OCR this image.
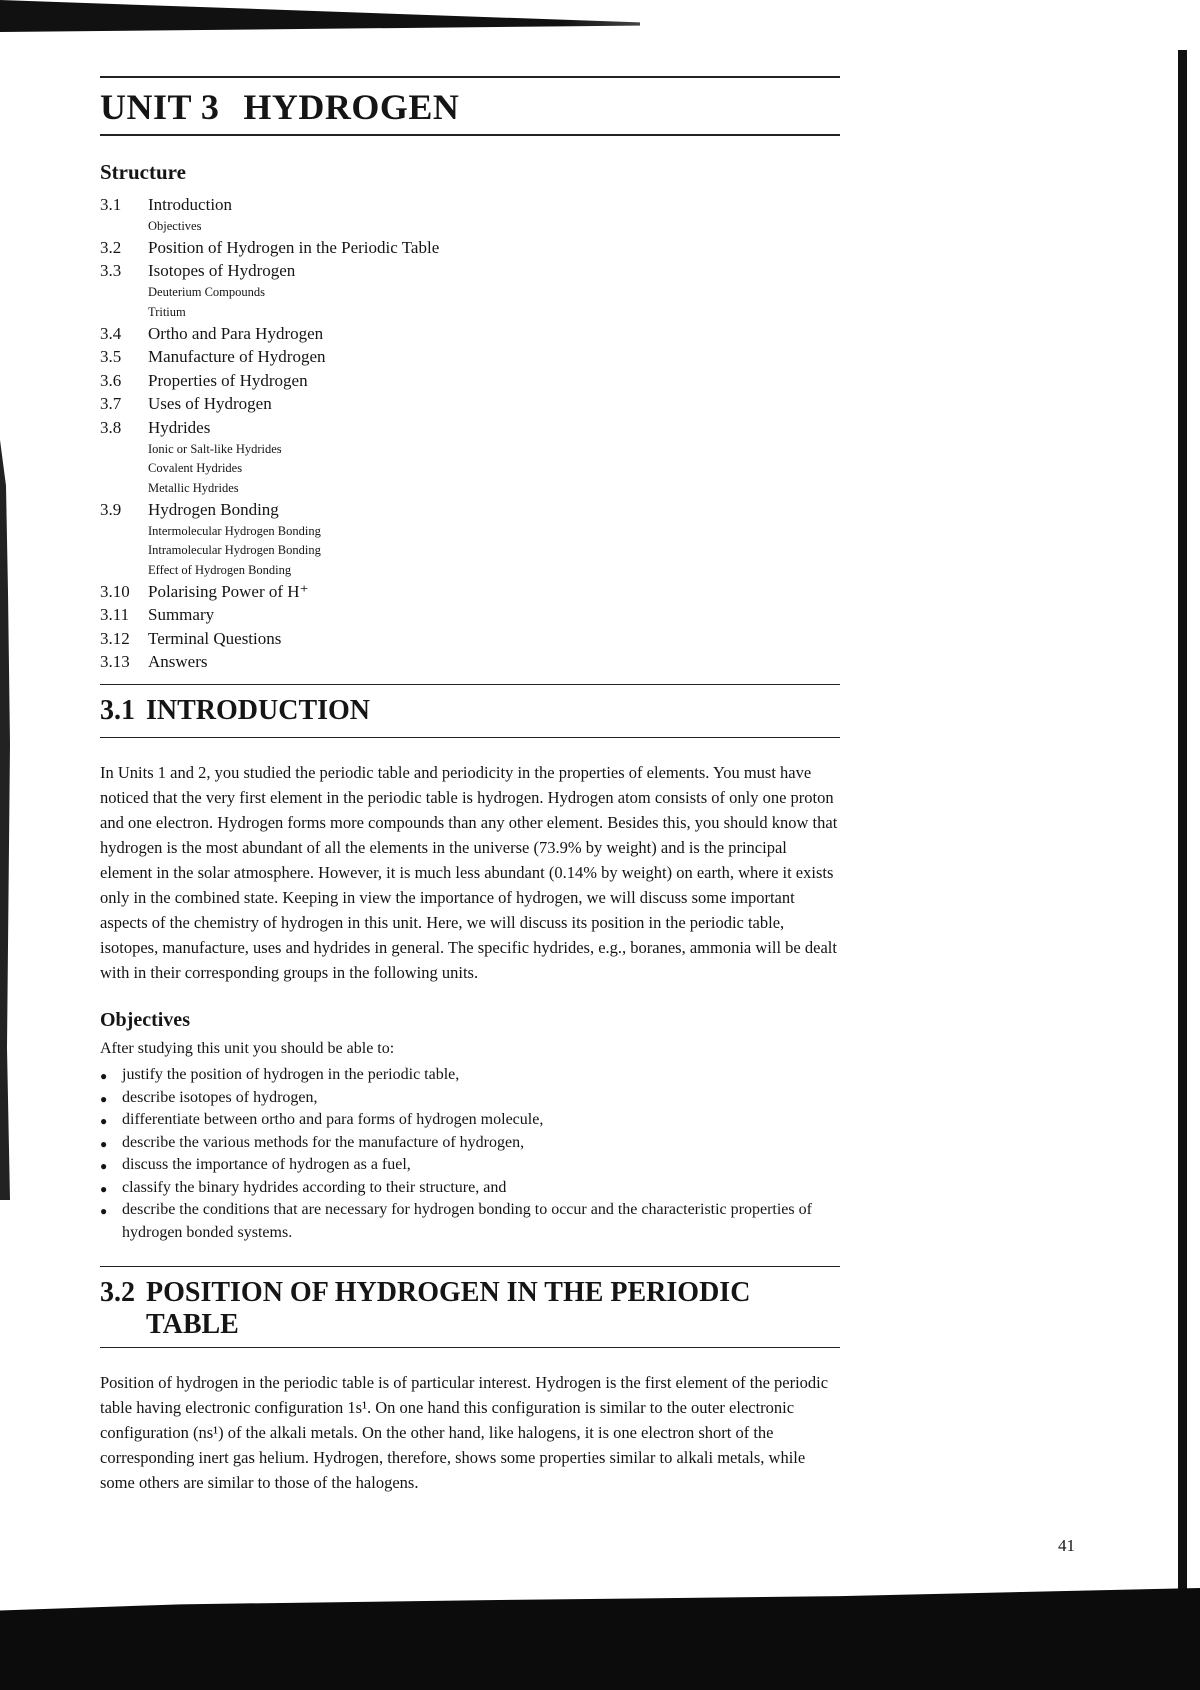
UNIT 3 HYDROGEN
Structure
3.1	Introduction
Objectives
3.2	Position of Hydrogen in the Periodic Table
3.3	Isotopes of Hydrogen
Deuterium Compounds
Tritium
3.4	Ortho and Para Hydrogen
3.5	Manufacture of Hydrogen
3.6	Properties of Hydrogen
3.7	Uses of Hydrogen
3.8	Hydrides
Ionic or Salt-like Hydrides
Covalent Hydrides
Metallic Hydrides
3.9	Hydrogen Bonding
Intermolecular Hydrogen Bonding
Intramolecular Hydrogen Bonding
Effect of Hydrogen Bonding
3.10	Polarising Power of H⁺
3.11	Summary
3.12	Terminal Questions
3.13	Answers
3.1 INTRODUCTION

In Units 1 and 2, you studied the periodic table and periodicity in the properties of elements. You must have noticed that the very first element in the periodic table is hydrogen. Hydrogen atom consists of only one proton and one electron. Hydrogen forms more compounds than any other element. Besides this, you should know that hydrogen is the most abundant of all the elements in the universe (73.9% by weight) and is the principal element in the solar atmosphere. However, it is much less abundant (0.14% by weight) on earth, where it exists only in the combined state. Keeping in view the importance of hydrogen, we will discuss some important aspects of the chemistry of hydrogen in this unit. Here, we will discuss its position in the periodic table, isotopes, manufacture, uses and hydrides in general. The specific hydrides, e.g., boranes, ammonia will be dealt with in their corresponding groups in the following units.

Objectives
After studying this unit you should be able to:
● justify the position of hydrogen in the periodic table,
● describe isotopes of hydrogen,
● differentiate between ortho and para forms of hydrogen molecule,
● describe the various methods for the manufacture of hydrogen,
● discuss the importance of hydrogen as a fuel,
● classify the binary hydrides according to their structure, and
● describe the conditions that are necessary for hydrogen bonding to occur and the characteristic properties of hydrogen bonded systems.
3.2 POSITION OF HYDROGEN IN THE PERIODIC
TABLE

Position of hydrogen in the periodic table is of particular interest. Hydrogen is the first element of the periodic table having electronic configuration 1s¹. On one hand this configuration is similar to the outer electronic configuration (ns¹) of the alkali metals. On the other hand, like halogens, it is one electron short of the corresponding inert gas helium. Hydrogen, therefore, shows some properties similar to alkali metals, while some others are similar to those of the halogens.

41
